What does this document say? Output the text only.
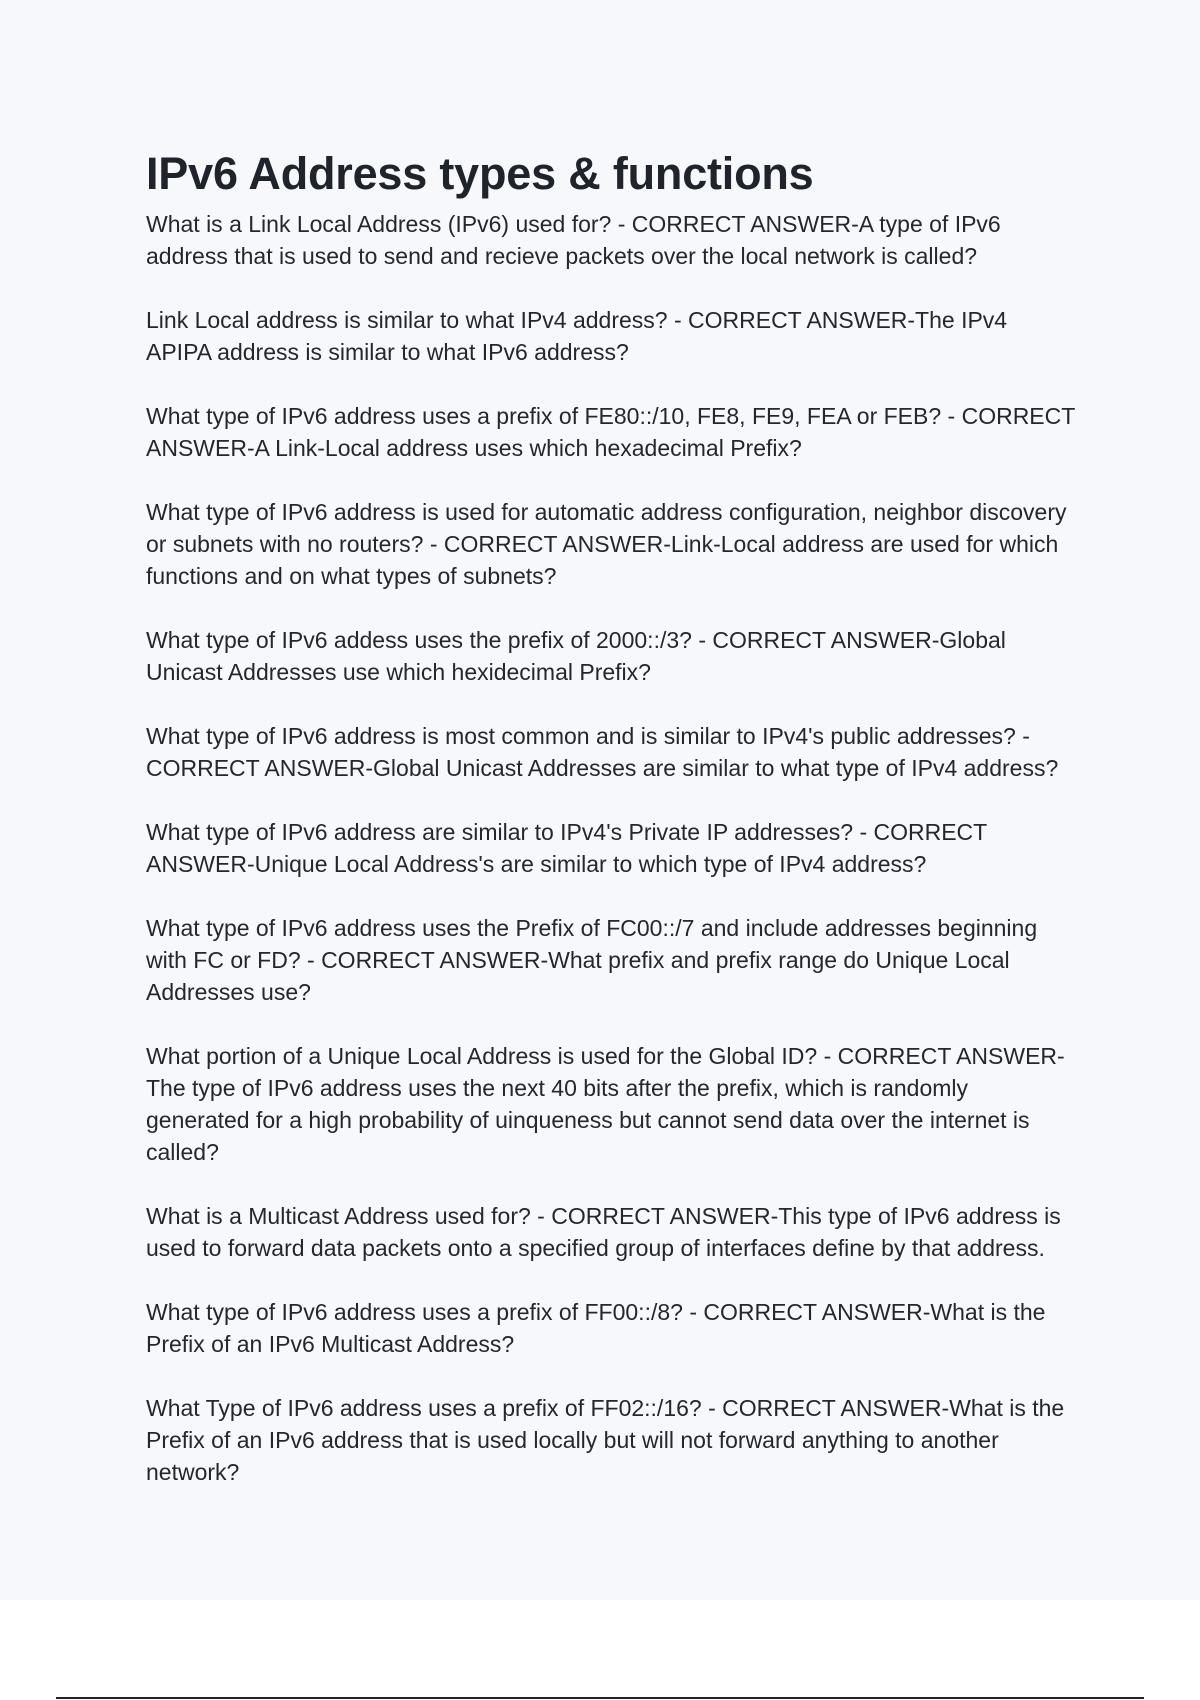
IPv6 Address types & functions
What is a Link Local Address (IPv6) used for? - CORRECT ANSWER-A type of IPv6 address that is used to send and recieve packets over the local network is called?
Link Local address is similar to what IPv4 address? - CORRECT ANSWER-The IPv4 APIPA address is similar to what IPv6 address?
What type of IPv6 address uses a prefix of FE80::/10, FE8, FE9, FEA or FEB? - CORRECT ANSWER-A Link-Local address uses which hexadecimal Prefix?
What type of IPv6 address is used for automatic address configuration, neighbor discovery or subnets with no routers? - CORRECT ANSWER-Link-Local address are used for which functions and on what types of subnets?
What type of IPv6 addess uses the prefix of 2000::/3? - CORRECT ANSWER-Global Unicast Addresses use which hexidecimal Prefix?
What type of IPv6 address is most common and is similar to IPv4's public addresses? - CORRECT ANSWER-Global Unicast Addresses are similar to what type of IPv4 address?
What type of IPv6 address are similar to IPv4's Private IP addresses? - CORRECT ANSWER-Unique Local Address's are similar to which type of IPv4 address?
What type of IPv6 address uses the Prefix of FC00::/7 and include addresses beginning with FC or FD? - CORRECT ANSWER-What prefix and prefix range do Unique Local Addresses use?
What portion of a Unique Local Address is used for the Global ID? - CORRECT ANSWER-The type of IPv6 address uses the next 40 bits after the prefix, which is randomly generated for a high probability of uinqueness but cannot send data over the internet is called?
What is a Multicast Address used for? - CORRECT ANSWER-This type of IPv6 address is used to forward data packets onto a specified group of interfaces define by that address.
What type of IPv6 address uses a prefix of FF00::/8? - CORRECT ANSWER-What is the Prefix of an IPv6 Multicast Address?
What Type of IPv6 address uses a prefix of FF02::/16? - CORRECT ANSWER-What is the Prefix of an IPv6 address that is used locally but will not forward anything to another network?
